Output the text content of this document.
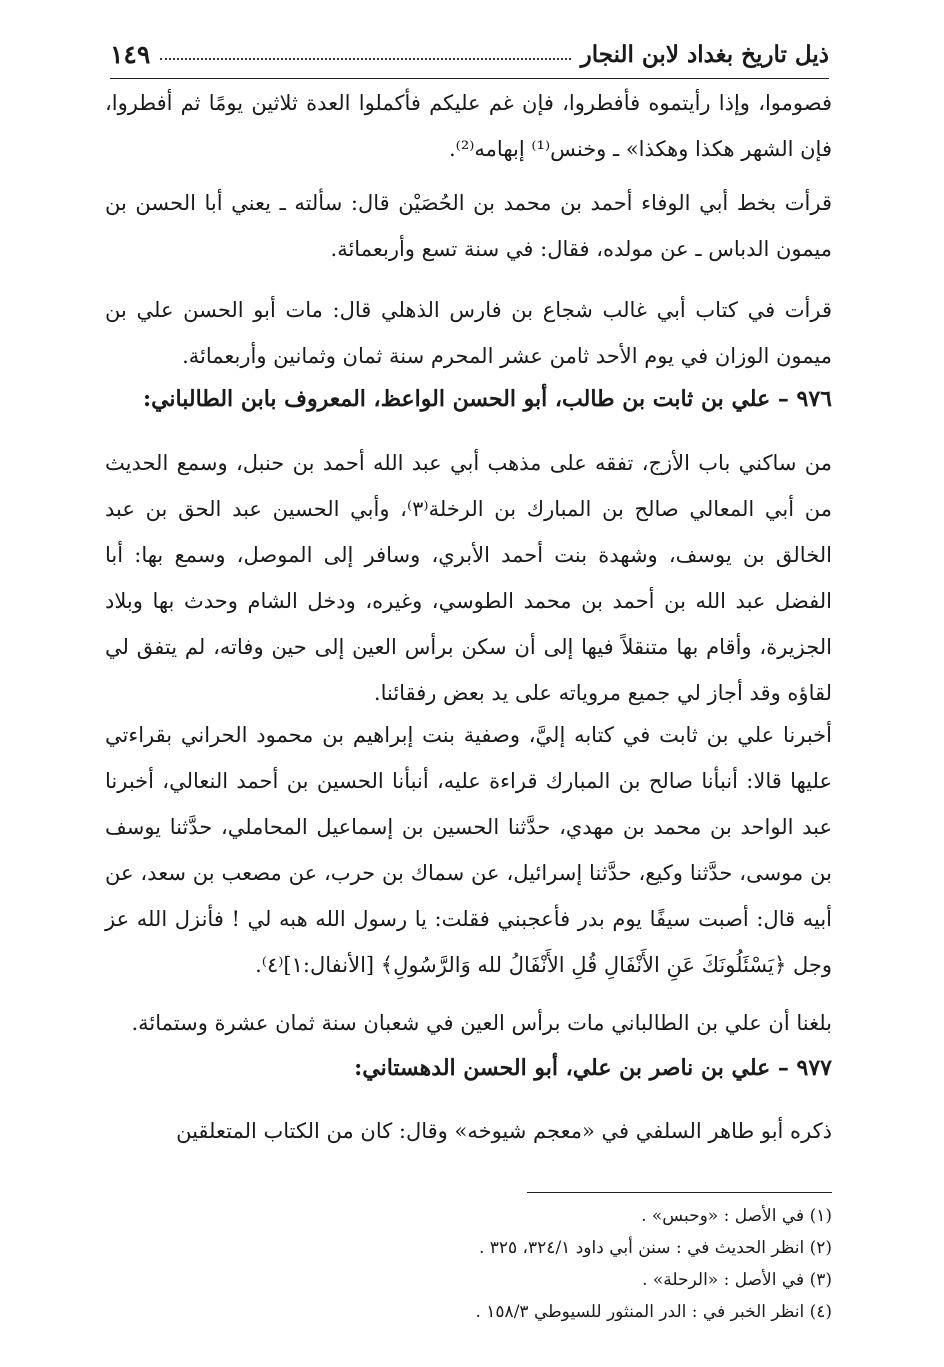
ذيل تاريخ بغداد لابن النجار
١٤٩
فصوموا، وإذا رأيتموه فأفطروا، فإن غم عليكم فأكملوا العدة ثلاثين يومًا ثم أفطروا، فإن الشهر هكذا وهكذا» ـ وخنس⁽¹⁾ إبهامه⁽²⁾.
قرأت بخط أبي الوفاء أحمد بن محمد بن الحُصَيْن قال: سألته ـ يعني أبا الحسن بن ميمون الدباس ـ عن مولده، فقال: في سنة تسع وأربعمائة.
قرأت في كتاب أبي غالب شجاع بن فارس الذهلي قال: مات أبو الحسن علي بن ميمون الوزان في يوم الأحد ثامن عشر المحرم سنة ثمان وثمانين وأربعمائة.
٩٧٦ – علي بن ثابت بن طالب، أبو الحسن الواعظ، المعروف بابن الطالباني:
من ساكني باب الأزج، تفقه على مذهب أبي عبد الله أحمد بن حنبل، وسمع الحديث من أبي المعالي صالح بن المبارك بن الرخلة⁽٣⁾، وأبي الحسين عبد الحق بن عبد الخالق بن يوسف، وشهدة بنت أحمد الأبري، وسافر إلى الموصل، وسمع بها: أبا الفضل عبد الله بن أحمد بن محمد الطوسي، وغيره، ودخل الشام وحدث بها وبلاد الجزيرة، وأقام بها متنقلاً فيها إلى أن سكن برأس العين إلى حين وفاته، لم يتفق لي لقاؤه وقد أجاز لي جميع مروياته على يد بعض رفقائنا.
أخبرنا علي بن ثابت في كتابه إليَّ، وصفية بنت إبراهيم بن محمود الحراني بقراءتي عليها قالا: أنبأنا صالح بن المبارك قراءة عليه، أنبأنا الحسين بن أحمد النعالي، أخبرنا عبد الواحد بن محمد بن مهدي، حدَّثنا الحسين بن إسماعيل المحاملي، حدَّثنا يوسف بن موسى، حدَّثنا وكيع، حدَّثنا إسرائيل، عن سماك بن حرب، عن مصعب بن سعد، عن أبيه قال: أصبت سيفًا يوم بدر فأعجبني فقلت: يا رسول الله هبه لي ! فأنزل الله عز وجل ﴿يَسْئَلُونَكَ عَنِ الأَنْفَالِ قُلِ الأَنْفَالُ لله وَالرَّسُولِ﴾ [الأنفال:١]⁽٤⁾.
بلغنا أن علي بن الطالباني مات برأس العين في شعبان سنة ثمان عشرة وستمائة.
٩٧٧ – علي بن ناصر بن علي، أبو الحسن الدهستاني:
ذكره أبو طاهر السلفي في «معجم شيوخه» وقال: كان من الكتاب المتعلقين
(١) في الأصل : «وحبس» .
(٢) انظر الحديث في : سنن أبي داود ٣٢٤/١، ٣٢٥ .
(٣) في الأصل : «الرحلة» .
(٤) انظر الخبر في : الدر المنثور للسيوطي ١٥٨/٣ .
